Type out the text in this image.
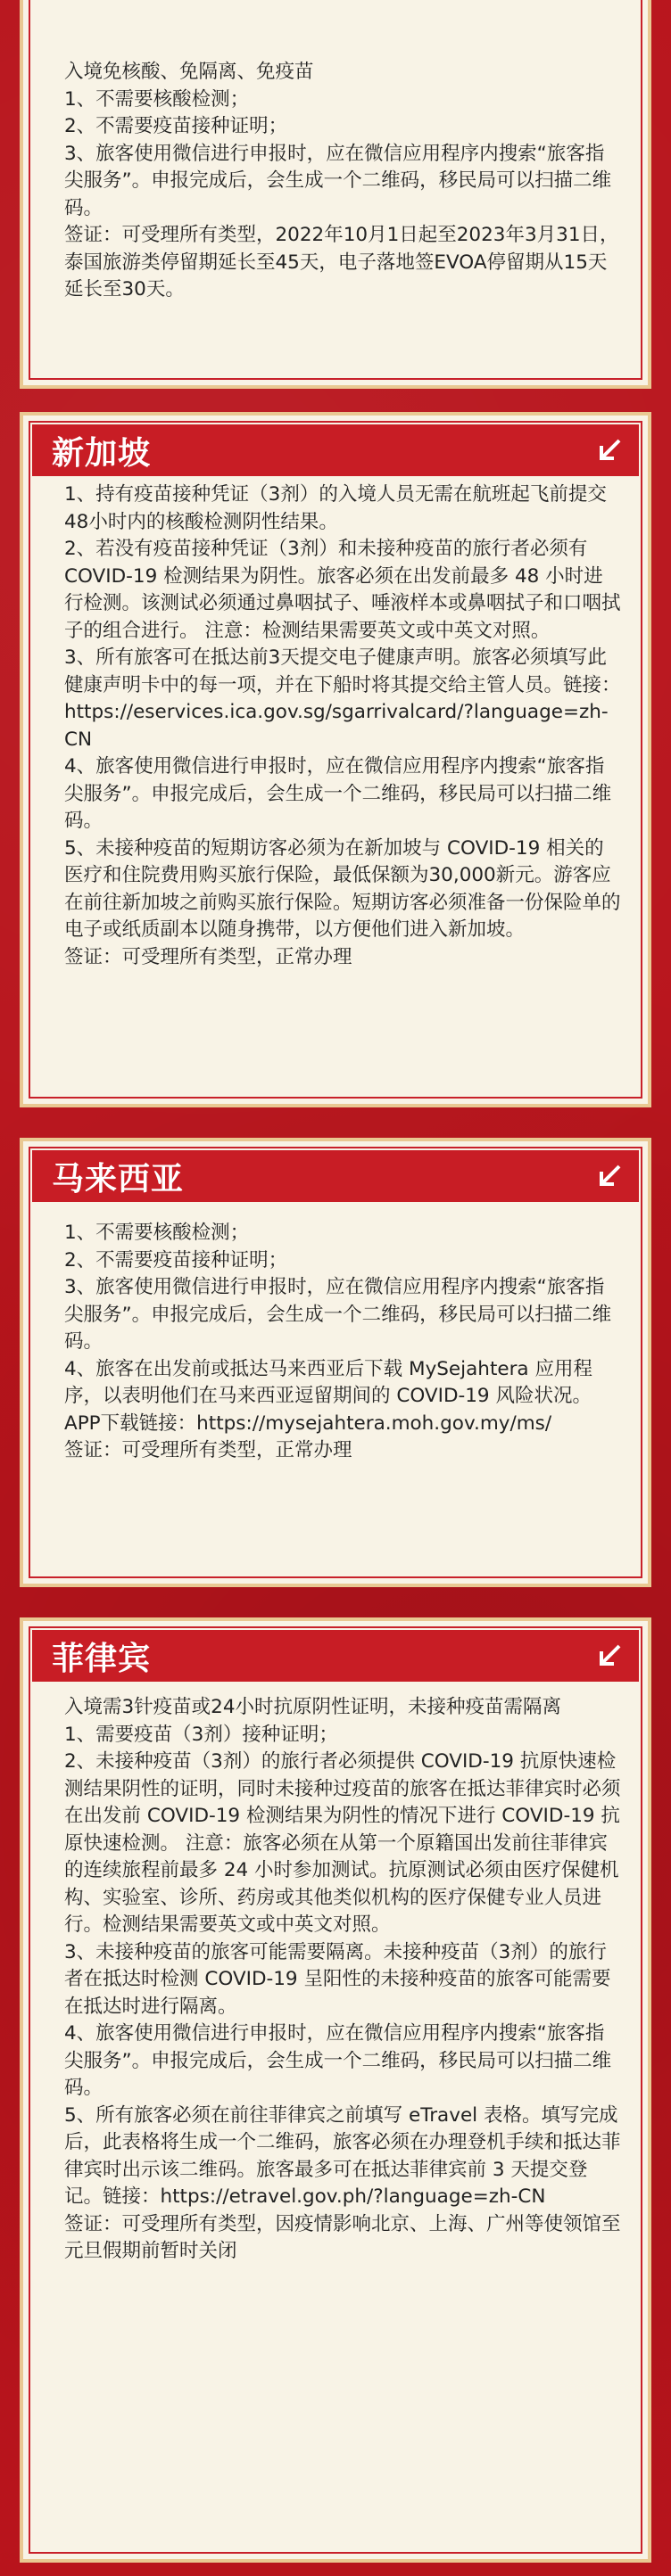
入境免核酸、免隔离、免疫苗

1、不需要核酸检测；

2、不需要疫苗接种证明；

3、旅客使用微信进行申报时，应在微信应用程序内搜索“旅客指尖服务”。申报完成后，会生成一个二维码，移民局可以扫描二维码。

签证：可受理所有类型，2022年10月1日起至2023年3月31日，泰国旅游类停留期延长至45天，电子落地签EVOA停留期从15天延长至30天。

新加坡

1、持有疫苗接种凭证（3剂）的入境人员无需在航班起飞前提交48小时内的核酸检测阴性结果。

2、若没有疫苗接种凭证（3剂）和未接种疫苗的旅行者必须有 COVID-19 检测结果为阴性。旅客必须在出发前最多 48 小时进行检测。该测试必须通过鼻咽拭子、唾液样本或鼻咽拭子和口咽拭子的组合进行。 注意：检测结果需要英文或中英文对照。

3、所有旅客可在抵达前3天提交电子健康声明。旅客必须填写此健康声明卡中的每一项，并在下船时将其提交给主管人员。链接：https://eservices.ica.gov.sg/sgarrivalcard/?language=zh-CN

4、旅客使用微信进行申报时，应在微信应用程序内搜索“旅客指尖服务”。申报完成后，会生成一个二维码，移民局可以扫描二维码。

5、未接种疫苗的短期访客必须为在新加坡与 COVID-19 相关的医疗和住院费用购买旅行保险，最低保额为30,000新元。游客应在前往新加坡之前购买旅行保险。短期访客必须准备一份保险单的电子或纸质副本以随身携带，以方便他们进入新加坡。

签证：可受理所有类型，正常办理

马来西亚

1、不需要核酸检测；

2、不需要疫苗接种证明；

3、旅客使用微信进行申报时，应在微信应用程序内搜索“旅客指尖服务”。申报完成后，会生成一个二维码，移民局可以扫描二维码。

4、旅客在出发前或抵达马来西亚后下载 MySejahtera 应用程序，以表明他们在马来西亚逗留期间的 COVID-19 风险状况。APP下载链接：https://mysejahtera.moh.gov.my/ms/

签证：可受理所有类型，正常办理

菲律宾

入境需3针疫苗或24小时抗原阴性证明，未接种疫苗需隔离

1、需要疫苗（3剂）接种证明；

2、未接种疫苗（3剂）的旅行者必须提供 COVID-19 抗原快速检测结果阴性的证明，同时未接种过疫苗的旅客在抵达菲律宾时必须在出发前 COVID-19 检测结果为阴性的情况下进行 COVID-19 抗原快速检测。 注意：旅客必须在从第一个原籍国出发前往菲律宾的连续旅程前最多 24 小时参加测试。抗原测试必须由医疗保健机构、实验室、诊所、药房或其他类似机构的医疗保健专业人员进行。检测结果需要英文或中英文对照。

3、未接种疫苗的旅客可能需要隔离。未接种疫苗（3剂）的旅行者在抵达时检测 COVID-19 呈阳性的未接种疫苗的旅客可能需要在抵达时进行隔离。

4、旅客使用微信进行申报时，应在微信应用程序内搜索“旅客指尖服务”。申报完成后，会生成一个二维码，移民局可以扫描二维码。

5、所有旅客必须在前往菲律宾之前填写 eTravel 表格。填写完成后，此表格将生成一个二维码，旅客必须在办理登机手续和抵达菲律宾时出示该二维码。旅客最多可在抵达菲律宾前 3 天提交登记。链接：https://etravel.gov.ph/?language=zh-CN

签证：可受理所有类型，因疫情影响北京、上海、广州等使领馆至元旦假期前暂时关闭
